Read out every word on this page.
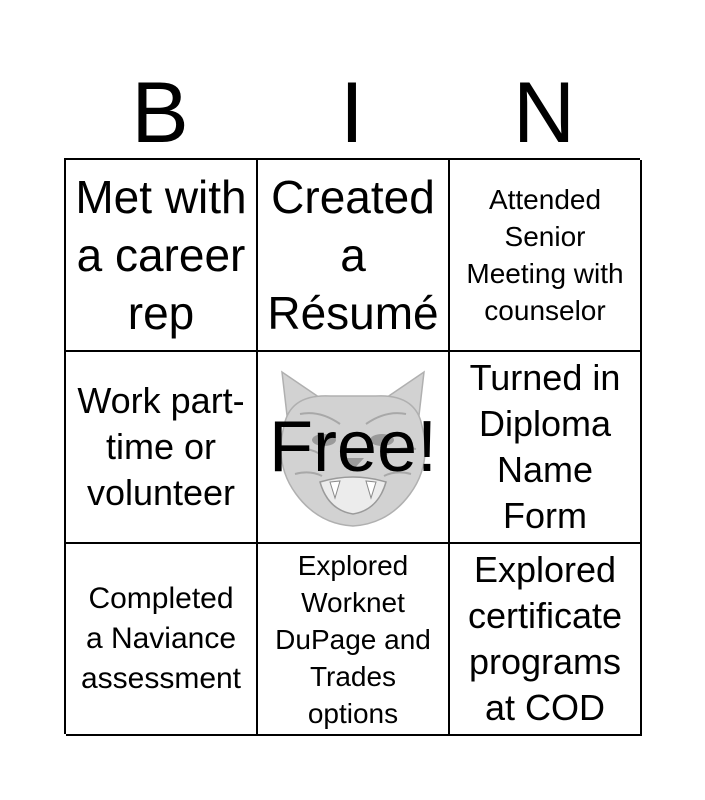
B	I	N
Met with
a career
rep
Created
a
Résumé
Attended
Senior
Meeting with
counselor
Work part-
time or
volunteer
Free!
Turned in
Diploma
Name
Form
Completed
a Naviance
assessment
Explored
Worknet
DuPage and
Trades
options
Explored
certificate
programs
at COD
